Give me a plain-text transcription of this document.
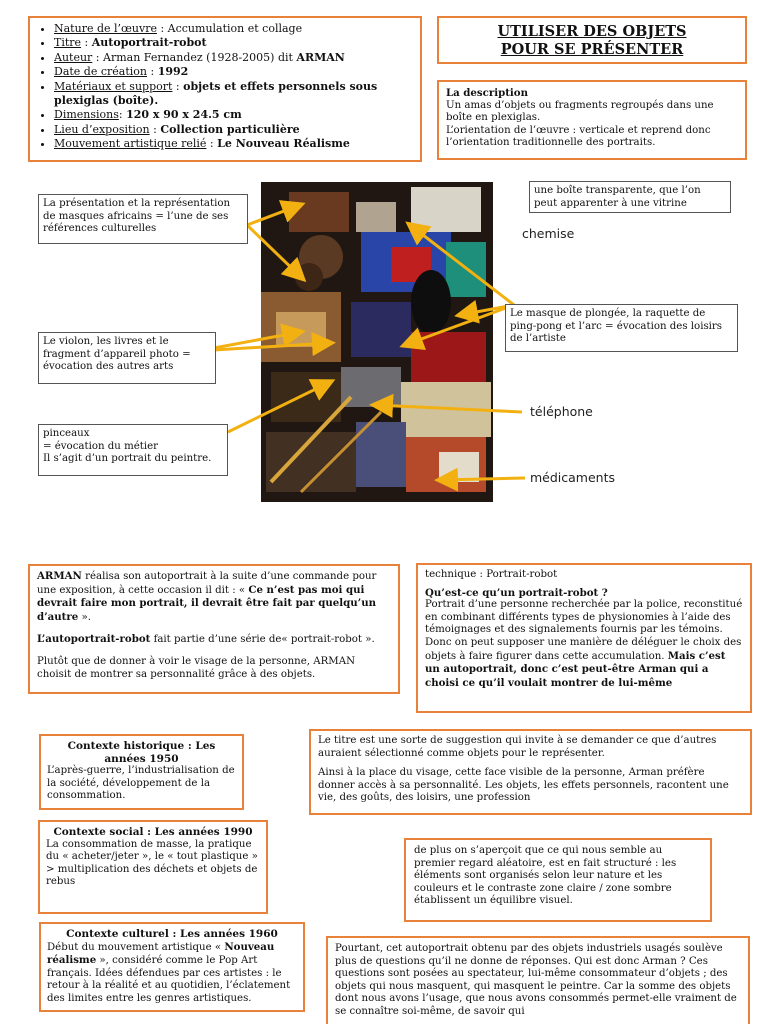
• Nature de l’œuvre : Accumulation et collage
• Titre : Autoportrait-robot
• Auteur : Arman Fernandez (1928-2005) dit ARMAN
• Date de création : 1992
• Matériaux et support : objets et effets personnels sous plexiglas (boîte).
• Dimensions: 120 x 90 x 24.5 cm
• Lieu d’exposition : Collection particulière
• Mouvement artistique relié : Le Nouveau Réalisme
UTILISER DES OBJETS
POUR SE PRÉSENTER

La description

Un amas d’objets ou fragments regroupés dans une boîte en plexiglas.

L’orientation de l’œuvre : verticale et reprend donc l’orientation traditionnelle des portraits.

La présentation et la représentation de masques africains = l’une de ses références culturelles
une boîte transparente, que l’on peut apparenter à une vitrine
chemise
Le masque de plongée, la raquette de ping-pong et l’arc = évocation des loisirs de l’artiste
Le violon, les livres et le fragment d’appareil photo = évocation des autres arts
téléphone
pinceaux
= évocation du métier
Il s’agit d’un portrait du peintre.
médicaments

ARMAN réalisa son autoportrait à la suite d’une commande pour une exposition, à cette occasion il dit : « Ce n’est pas moi qui devrait faire mon portrait, il devrait être fait par quelqu’un d’autre ».

L’autoportrait-robot fait partie d’une série de« portrait-robot ».

Plutôt que de donner à voir le visage de la personne, ARMAN choisit de montrer sa personnalité grâce à des objets.

technique : Portrait-robot

Qu’est-ce qu’un portrait-robot ?

Portrait d’une personne recherchée par la police, reconstitué en combinant différents types de physionomies à l’aide des témoignages et des signalements fournis par les témoins.

Donc on peut supposer une manière de déléguer le choix des objets à faire figurer dans cette accumulation. Mais c’est un autoportrait, donc c’est peut-être Arman qui a choisi ce qu’il voulait montrer de lui-même

Contexte historique : Les années 1950

L’après-guerre, l’industrialisation de la société, développement de la consommation.

Le titre est une sorte de suggestion qui invite à se demander ce que d’autres auraient sélectionné comme objets pour le représenter.

Ainsi à la place du visage, cette face visible de la personne, Arman préfère donner accès à sa personnalité. Les objets, les effets personnels, racontent une vie, des goûts, des loisirs, une profession

Contexte social : Les années 1990

La consommation de masse, la pratique du « acheter/jeter », le « tout plastique » > multiplication des déchets et objets de rebus

de plus on s’aperçoit que ce qui nous semble au premier regard aléatoire, est en fait structuré : les éléments sont organisés selon leur nature et les couleurs et le contraste zone claire / zone sombre établissent un équilibre visuel.

Contexte culturel : Les années 1960

Début du mouvement artistique « Nouveau réalisme », considéré comme le Pop Art français. Idées défendues par ces artistes : le retour à la réalité et au quotidien, l’éclatement des limites entre les genres artistiques.

Pourtant, cet autoportrait obtenu par des objets industriels usagés soulève plus de questions qu’il ne donne de réponses. Qui est donc Arman ? Ces questions sont posées au spectateur, lui-même consommateur d’objets ; des objets qui nous masquent, qui masquent le peintre. Car la somme des objets dont nous avons l’usage, que nous avons consommés permet-elle vraiment de se connaître soi-même, de savoir qui
